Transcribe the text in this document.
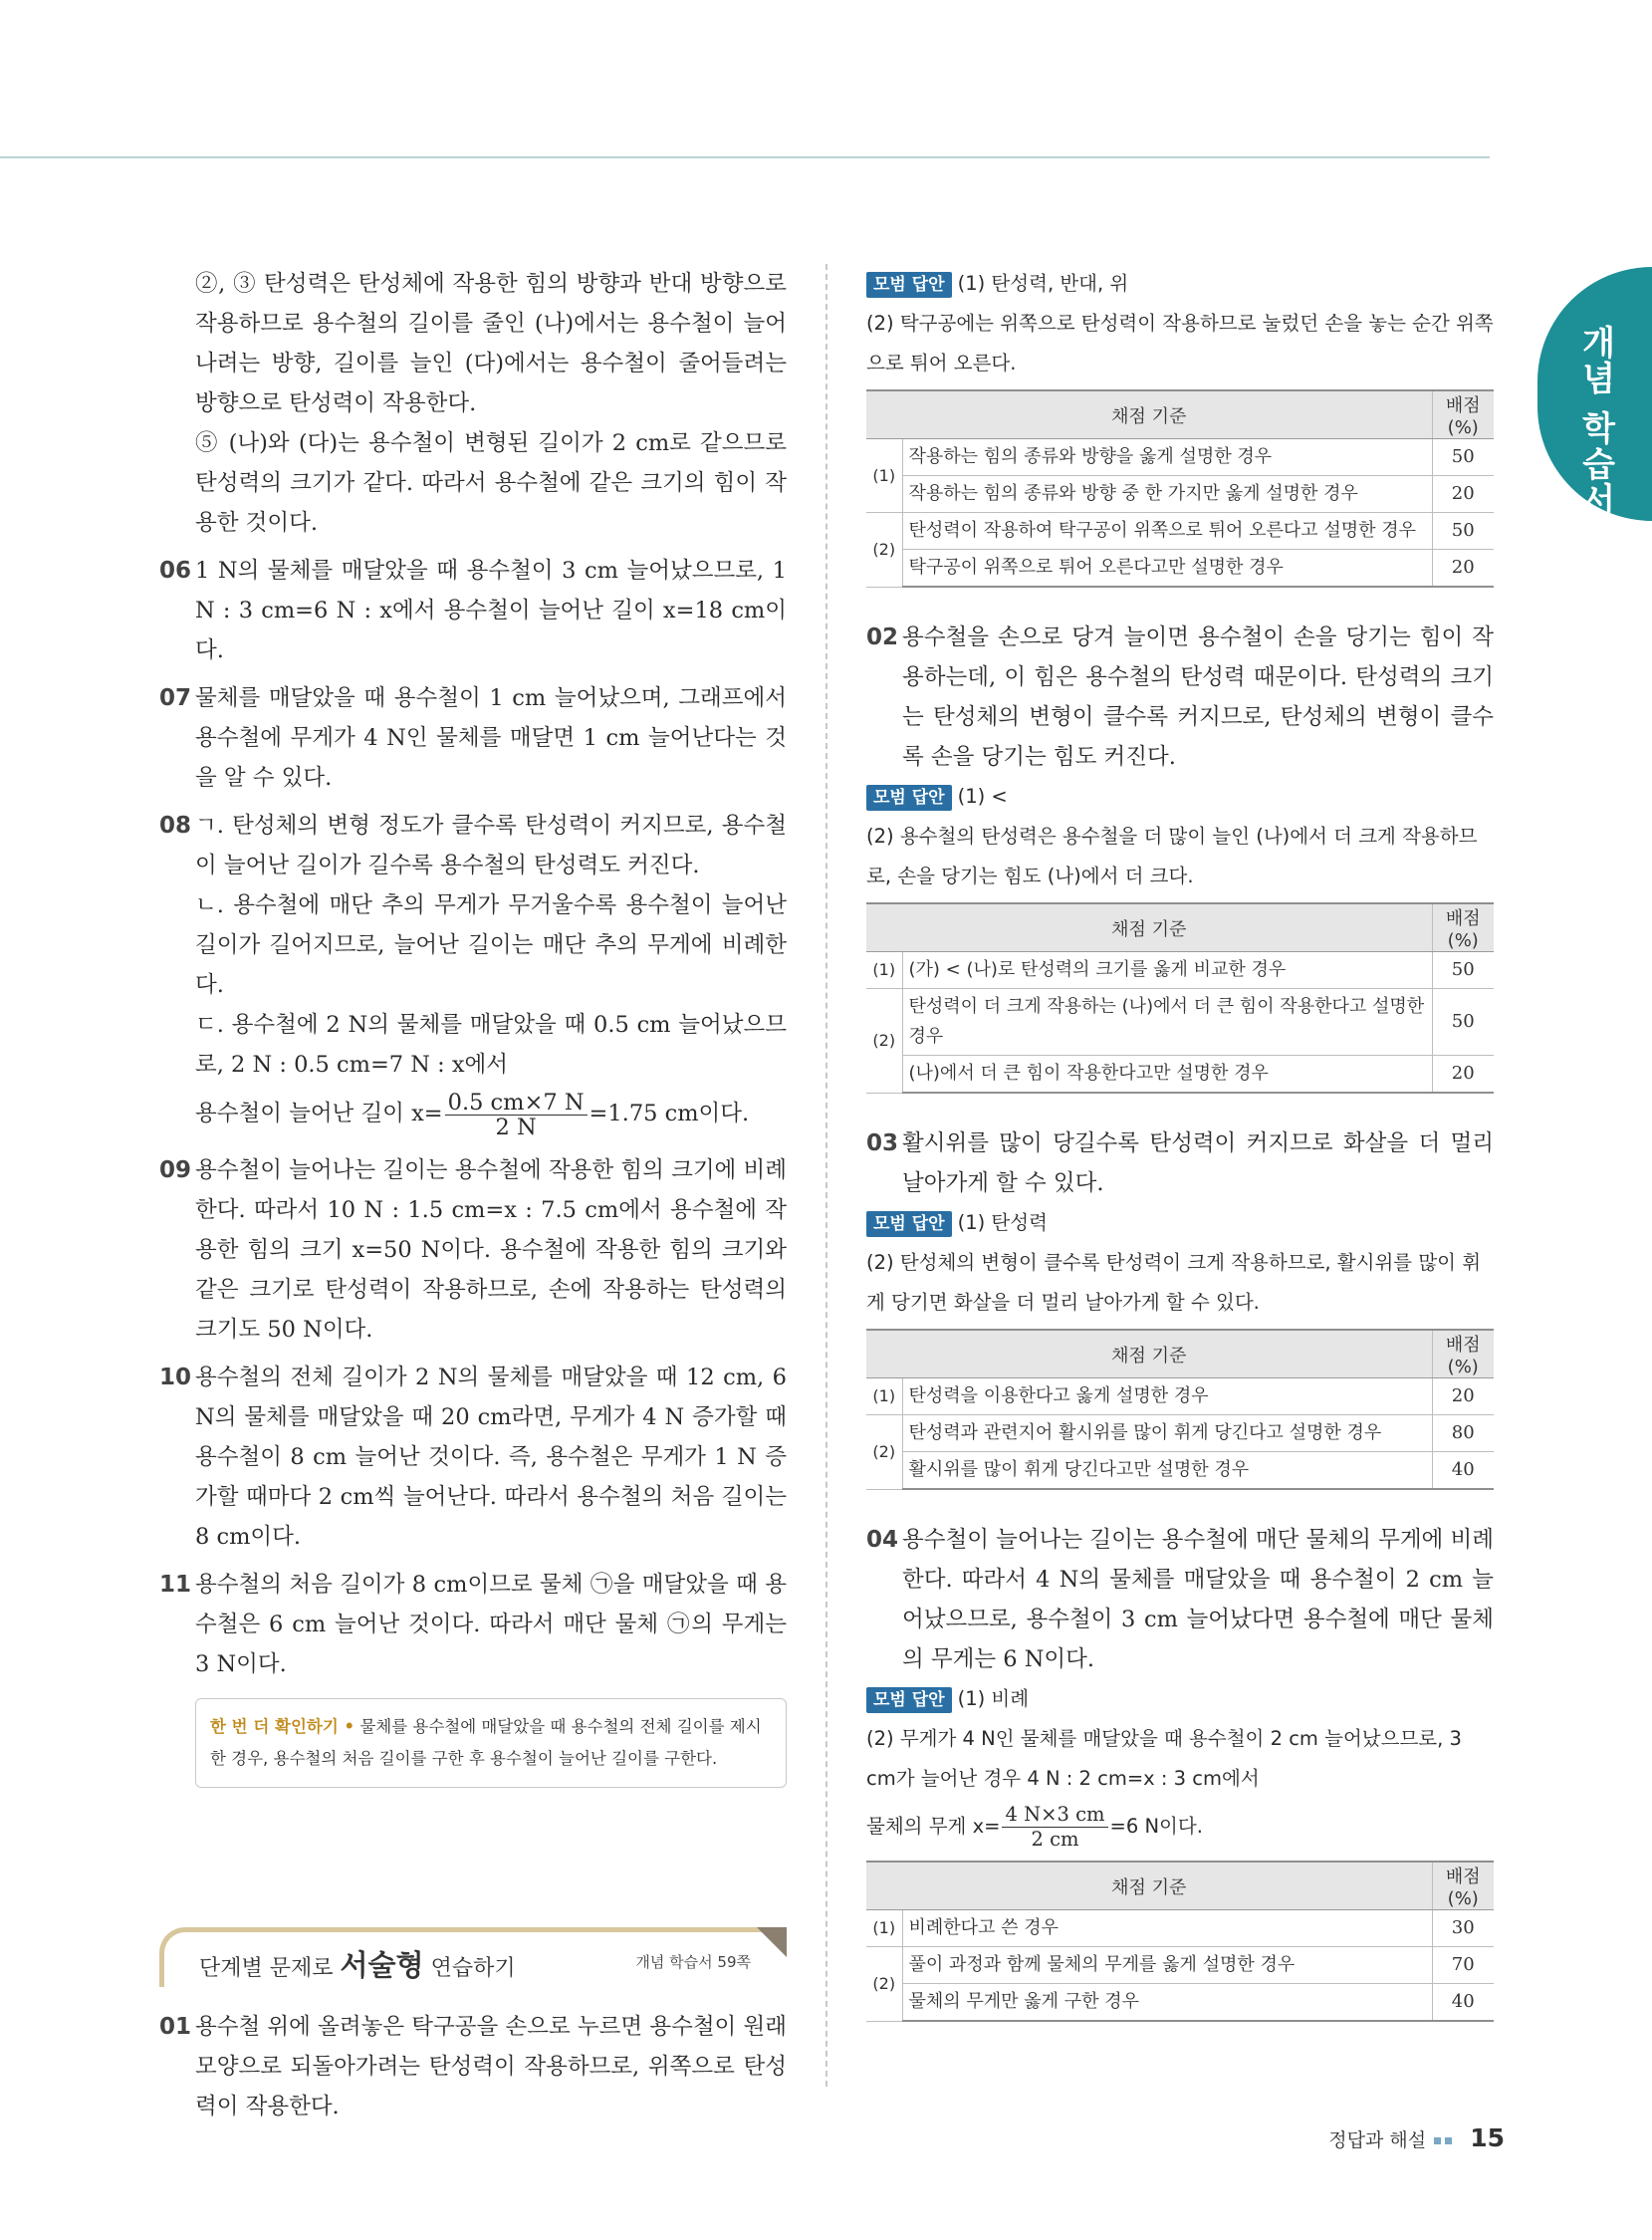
개념 학습서

②, ③ 탄성력은 탄성체에 작용한 힘의 방향과 반대 방향으로 작용하므로 용수철의 길이를 줄인 (나)에서는 용수철이 늘어나려는 방향, 길이를 늘인 (다)에서는 용수철이 줄어들려는 방향으로 탄성력이 작용한다.

⑤ (나)와 (다)는 용수철이 변형된 길이가 2 cm로 같으므로 탄성력의 크기가 같다. 따라서 용수철에 같은 크기의 힘이 작용한 것이다.

06 1 N의 물체를 매달았을 때 용수철이 3 cm 늘어났으므로, 1 N : 3 cm=6 N : x에서 용수철이 늘어난 길이 x=18 cm이다.

07 물체를 매달았을 때 용수철이 1 cm 늘어났으며, 그래프에서 용수철에 무게가 4 N인 물체를 매달면 1 cm 늘어난다는 것을 알 수 있다.

08 ㄱ. 탄성체의 변형 정도가 클수록 탄성력이 커지므로, 용수철이 늘어난 길이가 길수록 용수철의 탄성력도 커진다.

ㄴ. 용수철에 매단 추의 무게가 무거울수록 용수철이 늘어난 길이가 길어지므로, 늘어난 길이는 매단 추의 무게에 비례한다.

ㄷ. 용수철에 2 N의 물체를 매달았을 때 0.5 cm 늘어났으므로, 2 N : 0.5 cm=7 N : x에서

용수철이 늘어난 길이 $x= \frac{0.5 cm\times 7 N}{2 N} =1.75$ cm이다.

09 용수철이 늘어나는 길이는 용수철에 작용한 힘의 크기에 비례한다. 따라서 10 N : 1.5 cm=x : 7.5 cm에서 용수철에 작용한 힘의 크기 x=50 N이다. 용수철에 작용한 힘의 크기와 같은 크기로 탄성력이 작용하므로, 손에 작용하는 탄성력의 크기도 50 N이다.

10 용수철의 전체 길이가 2 N의 물체를 매달았을 때 12 cm, 6 N의 물체를 매달았을 때 20 cm라면, 무게가 4 N 증가할 때 용수철이 8 cm 늘어난 것이다. 즉, 용수철은 무게가 1 N 증가할 때마다 2 cm씩 늘어난다. 따라서 용수철의 처음 길이는 8 cm이다.

11 용수철의 처음 길이가 8 cm이므로 물체 ㉠을 매달았을 때 용수철은 6 cm 늘어난 것이다. 따라서 매단 물체 ㉠의 무게는 3 N이다.

한 번 더 확인하기 • 물체를 용수철에 매달았을 때 용수철의 전체 길이를 제시한 경우, 용수철의 처음 길이를 구한 후 용수철이 늘어난 길이를 구한다.
단계별 문제로 서술형 연습하기	개념 학습서 59쪽
01 용수철 위에 올려놓은 탁구공을 손으로 누르면 용수철이 원래 모양으로 되돌아가려는 탄성력이 작용하므로, 위쪽으로 탄성력이 작용한다.

모범 답안 (1) 탄성력, 반대, 위

(2) 탁구공에는 위쪽으로 탄성력이 작용하므로 눌렀던 손을 놓는 순간 위쪽으로 튀어 오른다.

채점 기준		배점(%)
(1)	작용하는 힘의 종류와 방향을 옳게 설명한 경우	50
	작용하는 힘의 종류와 방향 중 한 가지만 옳게 설명한 경우	20
(2)	탄성력이 작용하여 탁구공이 위쪽으로 튀어 오른다고 설명한 경우	50
	탁구공이 위쪽으로 튀어 오른다고만 설명한 경우	20
02 용수철을 손으로 당겨 늘이면 용수철이 손을 당기는 힘이 작용하는데, 이 힘은 용수철의 탄성력 때문이다. 탄성력의 크기는 탄성체의 변형이 클수록 커지므로, 탄성체의 변형이 클수록 손을 당기는 힘도 커진다.

모범 답안 (1) <

(2) 용수철의 탄성력은 용수철을 더 많이 늘인 (나)에서 더 크게 작용하므로, 손을 당기는 힘도 (나)에서 더 크다.

채점 기준		배점(%)
(1)	(가) < (나)로 탄성력의 크기를 옳게 비교한 경우	50
(2)	탄성력이 더 크게 작용하는 (나)에서 더 큰 힘이 작용한다고 설명한 경우	50
	(나)에서 더 큰 힘이 작용한다고만 설명한 경우	20
03 활시위를 많이 당길수록 탄성력이 커지므로 화살을 더 멀리 날아가게 할 수 있다.

모범 답안 (1) 탄성력

(2) 탄성체의 변형이 클수록 탄성력이 크게 작용하므로, 활시위를 많이 휘게 당기면 화살을 더 멀리 날아가게 할 수 있다.

채점 기준		배점(%)
(1)	탄성력을 이용한다고 옳게 설명한 경우	20
(2)	탄성력과 관련지어 활시위를 많이 휘게 당긴다고 설명한 경우	80
	활시위를 많이 휘게 당긴다고만 설명한 경우	40
04 용수철이 늘어나는 길이는 용수철에 매단 물체의 무게에 비례한다. 따라서 4 N의 물체를 매달았을 때 용수철이 2 cm 늘어났으므로, 용수철이 3 cm 늘어났다면 용수철에 매단 물체의 무게는 6 N이다.

모범 답안 (1) 비례

(2) 무게가 4 N인 물체를 매달았을 때 용수철이 2 cm 늘어났으므로, 3 cm가 늘어난 경우 4 N : 2 cm=x : 3 cm에서

물체의 무게 $x= \frac{4 N\times 3 cm}{2 cm} =6$ N이다.

채점 기준		배점(%)
(1)	비례한다고 쓴 경우	30
(2)	풀이 과정과 함께 물체의 무게를 옳게 설명한 경우	70
	물체의 무게만 옳게 구한 경우	40
정답과 해설 15
